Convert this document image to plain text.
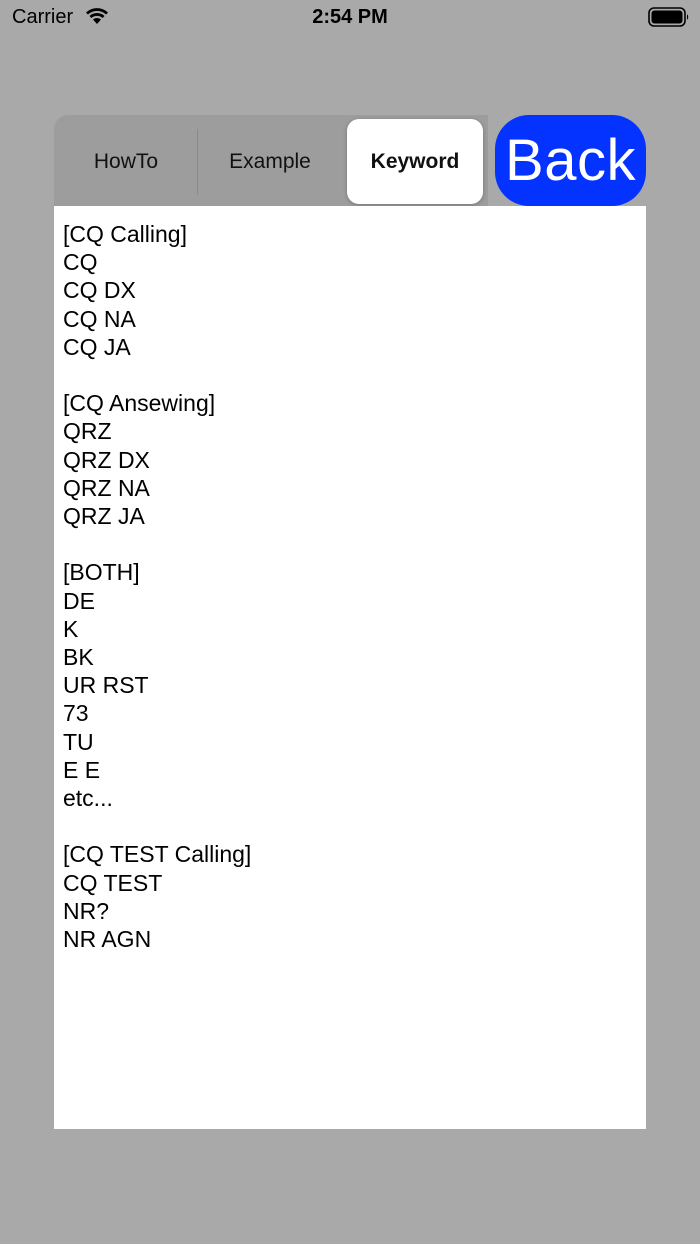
Carrier	2:54 PM
HowTo	Example	Keyword Back
[CQ Calling]
CQ
CQ DX
CQ NA
CQ JA

[CQ Ansewing]
QRZ
QRZ DX
QRZ NA
QRZ JA

[BOTH]
DE
K
BK
UR RST
73
TU
E E
etc...

[CQ TEST Calling]
CQ TEST
NR?
NR AGN
